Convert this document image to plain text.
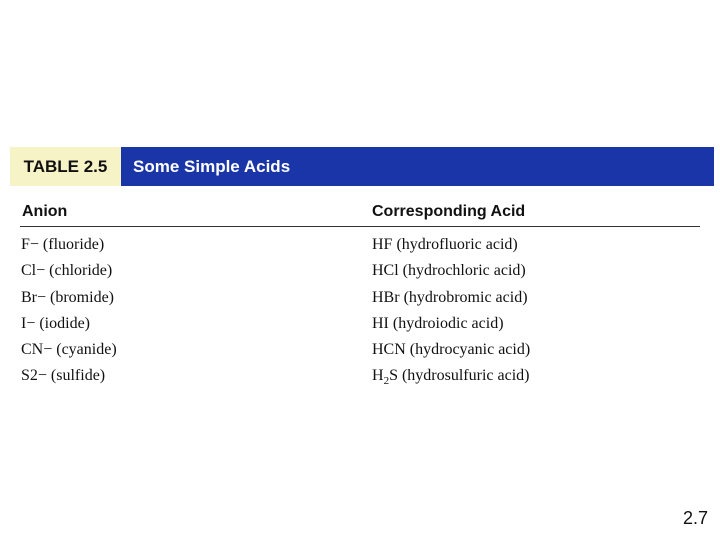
TABLE 2.5	Some Simple Acids
Anion	Corresponding Acid
F− (fluoride)	HF (hydrofluoric acid)
Cl− (chloride)	HCl (hydrochloric acid)
Br− (bromide)	HBr (hydrobromic acid)
I− (iodide)	HI (hydroiodic acid)
CN− (cyanide)	HCN (hydrocyanic acid)
S2− (sulfide)	$H_2S$ (hydrosulfuric acid)
2.7
